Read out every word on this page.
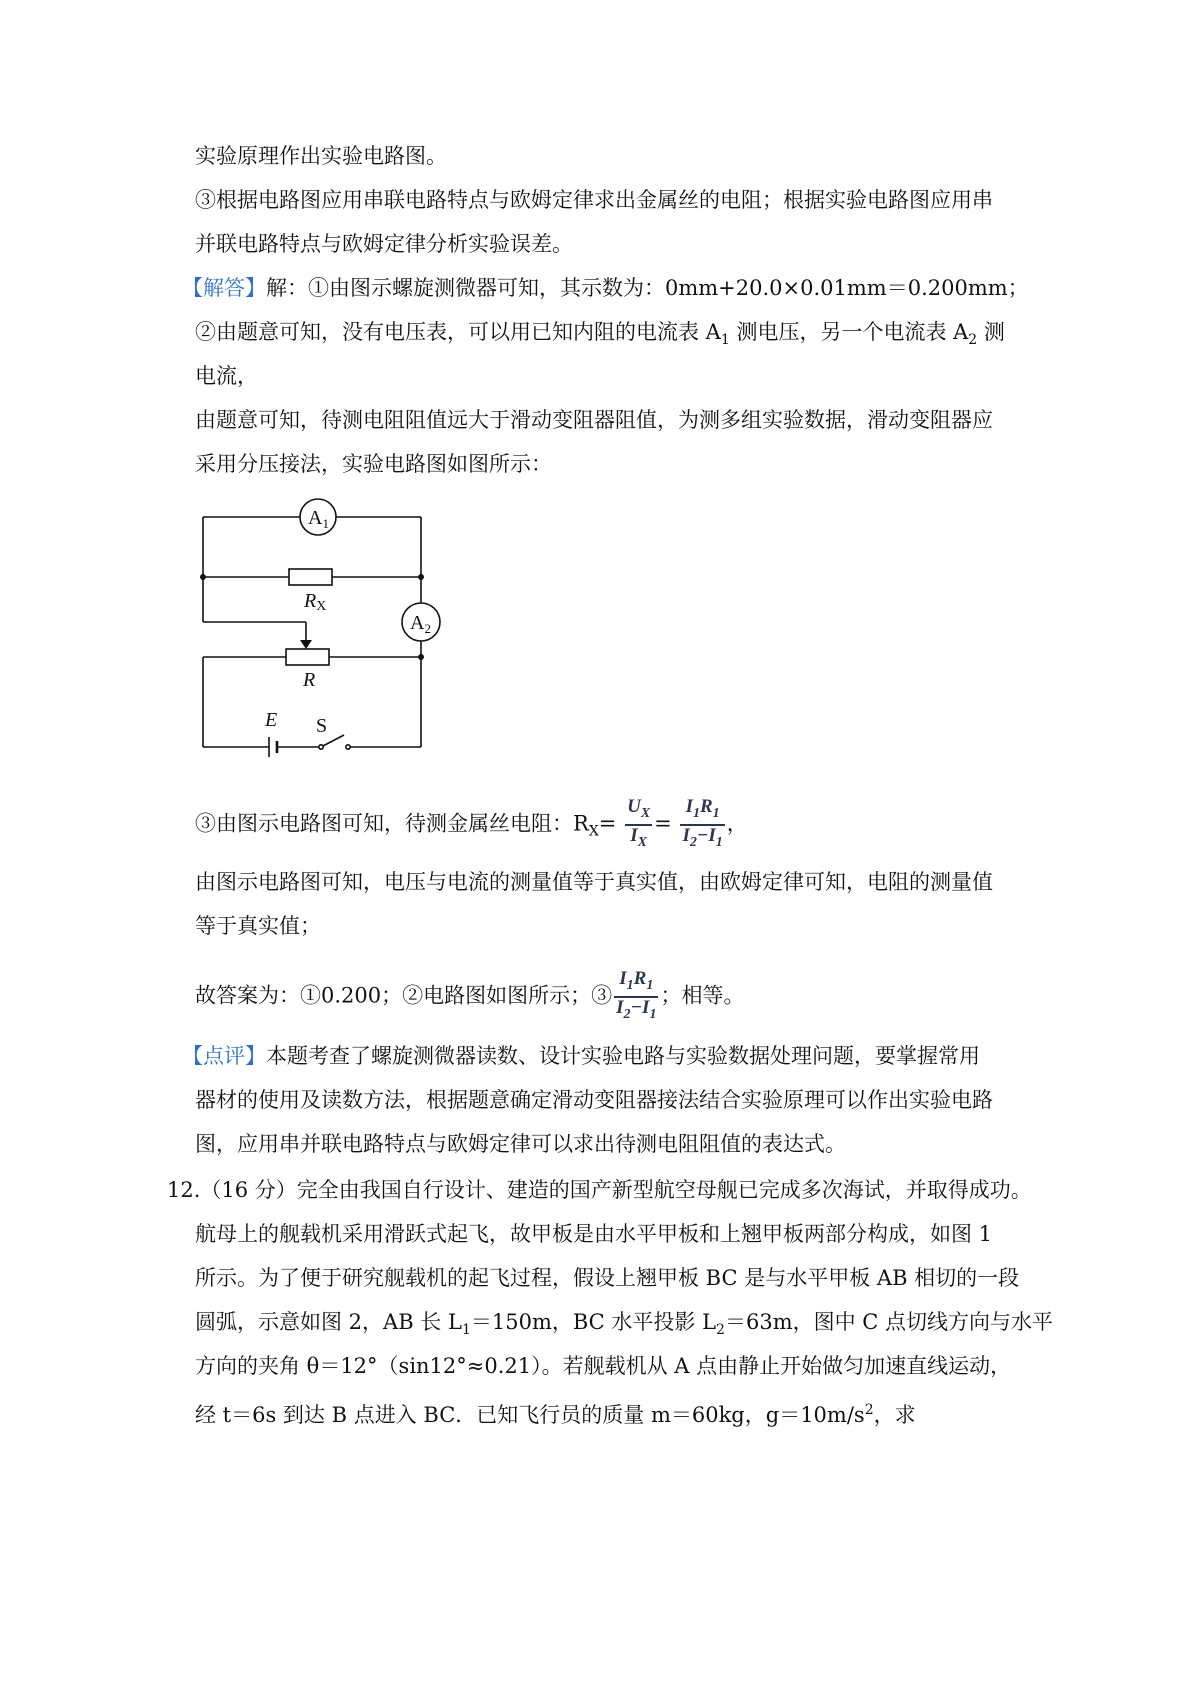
实验原理作出实验电路图。
③根据电路图应用串联电路特点与欧姆定律求出金属丝的电阻；根据实验电路图应用串
并联电路特点与欧姆定律分析实验误差。
【解答】解：①由图示螺旋测微器可知，其示数为：0mm+20.0×0.01mm＝0.200mm；
②由题意可知，没有电压表，可以用已知内阻的电流表 $A_1$ 测电压，另一个电流表 $A_2$ 测
电流，
由题意可知，待测电阻阻值远大于滑动变阻器阻值，为测多组实验数据，滑动变阻器应
采用分压接法，实验电路图如图所示：
$A_1$
$A_2$
RX
R
E S
③由图示电路图可知，待测金属丝电阻：$R_X= \frac{U_X}{I_X} = \frac{I_1R_1}{I_2-I_1}$ ，
由图示电路图可知，电压与电流的测量值等于真实值，由欧姆定律可知，电阻的测量值
等于真实值；
故答案为：①0.200；②电路图如图所示；③ $\frac{I_1R_1}{I_2-I_1}$ ；相等。
【点评】本题考查了螺旋测微器读数、设计实验电路与实验数据处理问题，要掌握常用
器材的使用及读数方法，根据题意确定滑动变阻器接法结合实验原理可以作出实验电路
图，应用串并联电路特点与欧姆定律可以求出待测电阻阻值的表达式。
12.（16 分）完全由我国自行设计、建造的国产新型航空母舰已完成多次海试，并取得成功。
航母上的舰载机采用滑跃式起飞，故甲板是由水平甲板和上翘甲板两部分构成，如图 1
所示。为了便于研究舰载机的起飞过程，假设上翘甲板 BC 是与水平甲板 AB 相切的一段
圆弧，示意如图 2，AB 长 $L_1=150m$，BC 水平投影 $L_2=63m$，图中 C 点切线方向与水平
方向的夹角 θ＝12°（sin12°≈0.21）。若舰载机从 A 点由静止开始做匀加速直线运动，
经 t＝6s 到达 B 点进入 BC．已知飞行员的质量 m＝60kg，$g=10m/s^2$，求
